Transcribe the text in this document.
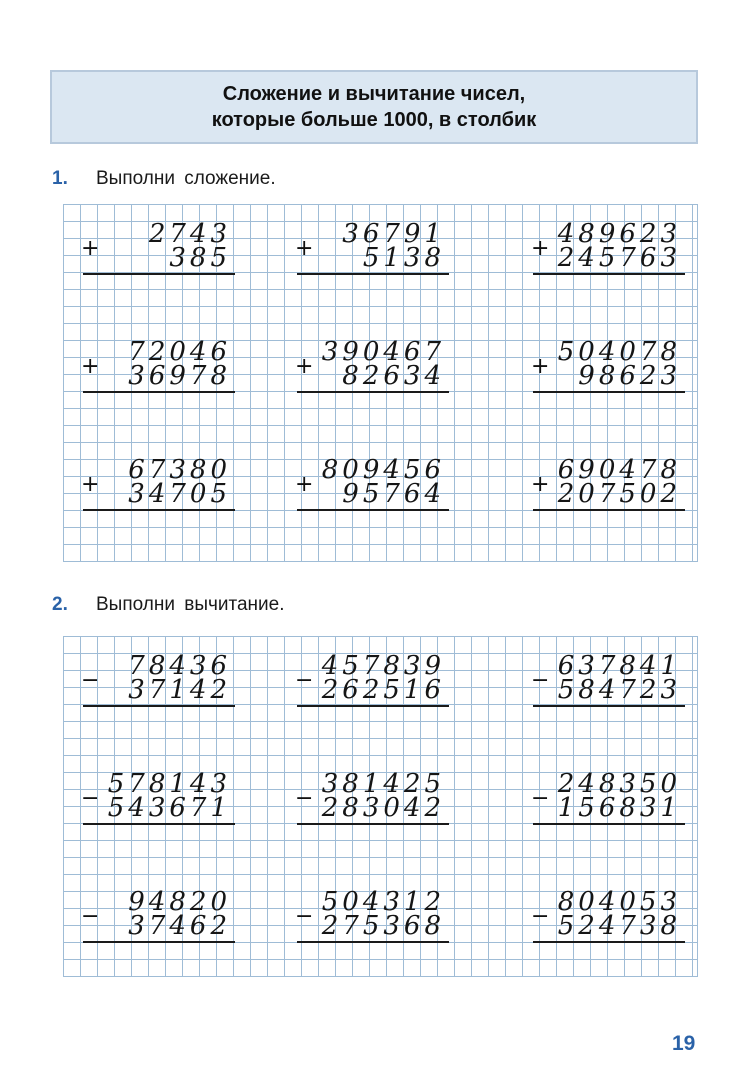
Сложение и вычитание чисел,
которые больше 1000, в столбик
1. Выполни сложение.
+ 2743
385	+ 36791
5138	+ 489623
245763
+ 72046
36978	+ 390467
82634	+ 504078
98623
+ 67380
34705	+ 809456
95764	+ 690478
207502
2. Выполни вычитание.
− 78436
37142	− 457839
262516	− 637841
584723
− 578143
543671	− 381425
283042	− 248350
156831
− 94820
37462	− 504312
275368	− 804053
524738
19
